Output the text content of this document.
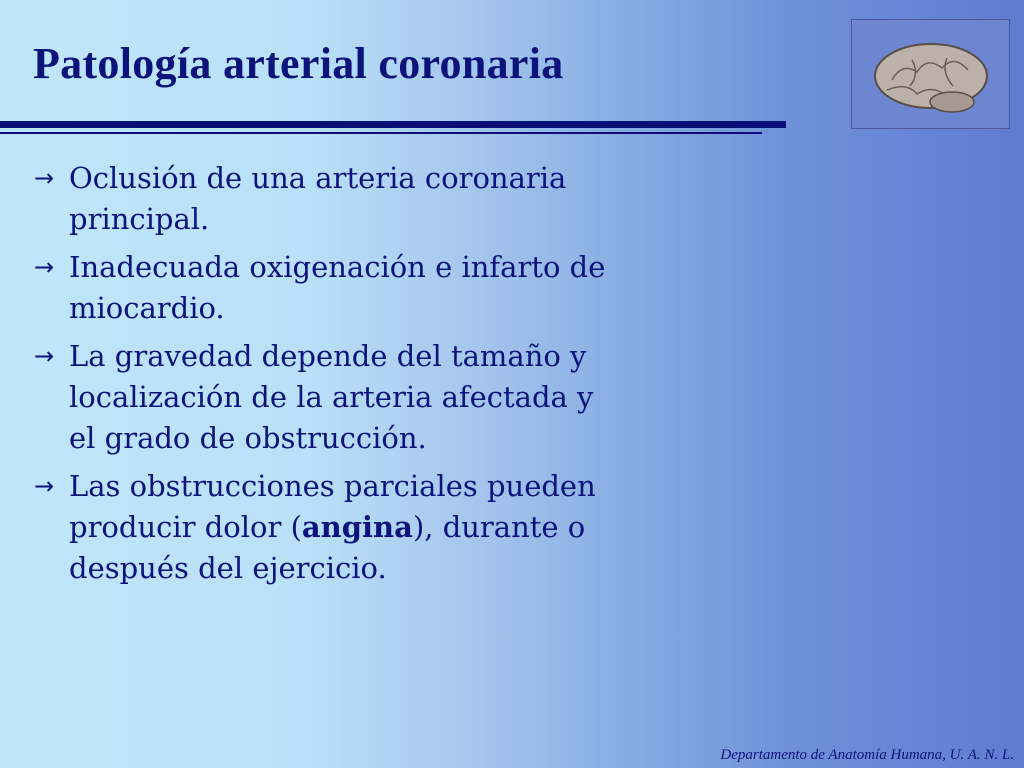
Patología arterial coronaria
→ Oclusión de una arteria coronaria principal.
→ Inadecuada oxigenación e infarto de miocardio.
→ La gravedad depende del tamaño y localización de la arteria afectada y el grado de obstrucción.
→ Las obstrucciones parciales pueden producir dolor (angina), durante o después del ejercicio.
Departamento de Anatomía Humana, U. A. N. L.
